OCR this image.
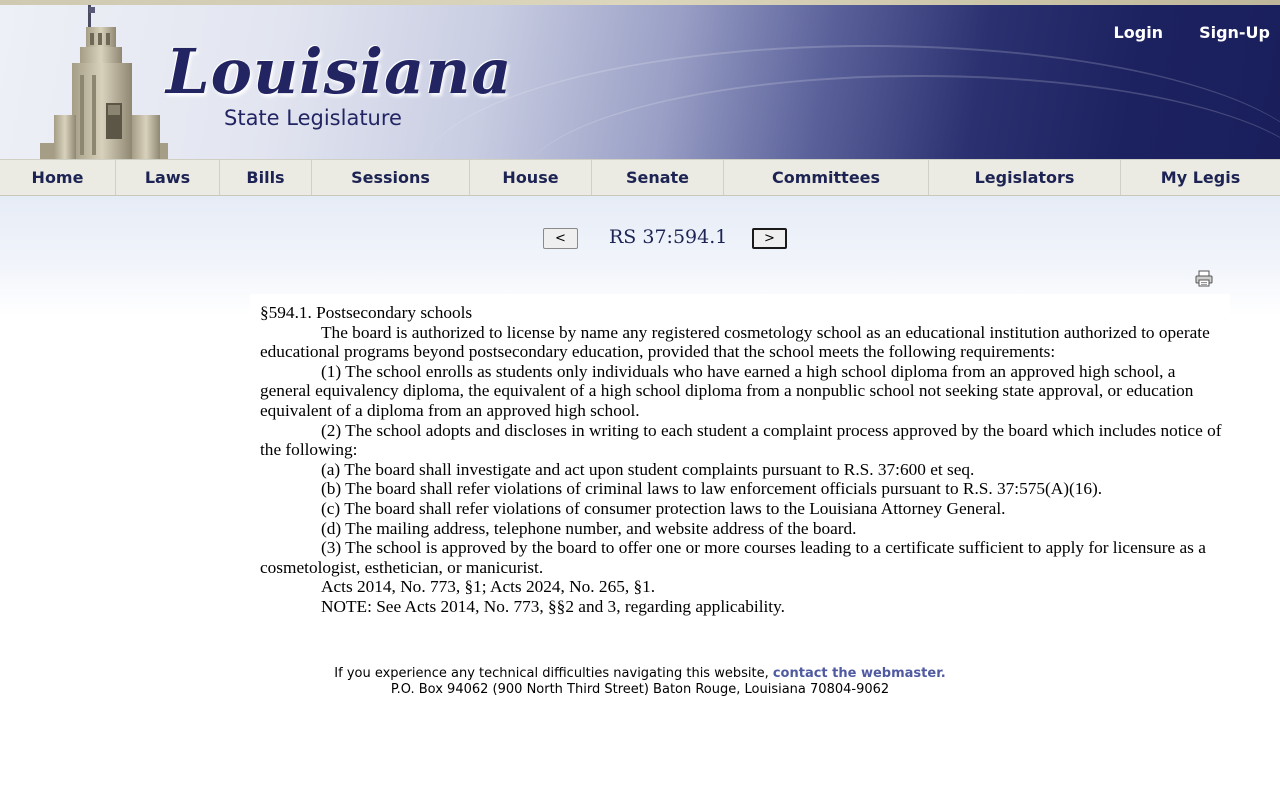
Louisiana
State Legislature
Login Sign-Up
Home	Laws	Bills	Sessions	House	Senate	Committees	Legislators	My Legis
<	RS 37:594.1	>

§594.1. Postsecondary schools

The board is authorized to license by name any registered cosmetology school as an educational institution authorized to operate educational programs beyond postsecondary education, provided that the school meets the following requirements:

(1) The school enrolls as students only individuals who have earned a high school diploma from an approved high school, a general equivalency diploma, the equivalent of a high school diploma from a nonpublic school not seeking state approval, or education equivalent of a diploma from an approved high school.

(2) The school adopts and discloses in writing to each student a complaint process approved by the board which includes notice of the following:

(a) The board shall investigate and act upon student complaints pursuant to R.S. 37:600 et seq.

(b) The board shall refer violations of criminal laws to law enforcement officials pursuant to R.S. 37:575(A)(16).

(c) The board shall refer violations of consumer protection laws to the Louisiana Attorney General.

(d) The mailing address, telephone number, and website address of the board.

(3) The school is approved by the board to offer one or more courses leading to a certificate sufficient to apply for licensure as a cosmetologist, esthetician, or manicurist.

Acts 2014, No. 773, §1; Acts 2024, No. 265, §1.

NOTE: See Acts 2014, No. 773, §§2 and 3, regarding applicability.

If you experience any technical difficulties navigating this website, contact the webmaster.
P.O. Box 94062 (900 North Third Street) Baton Rouge, Louisiana 70804-9062
